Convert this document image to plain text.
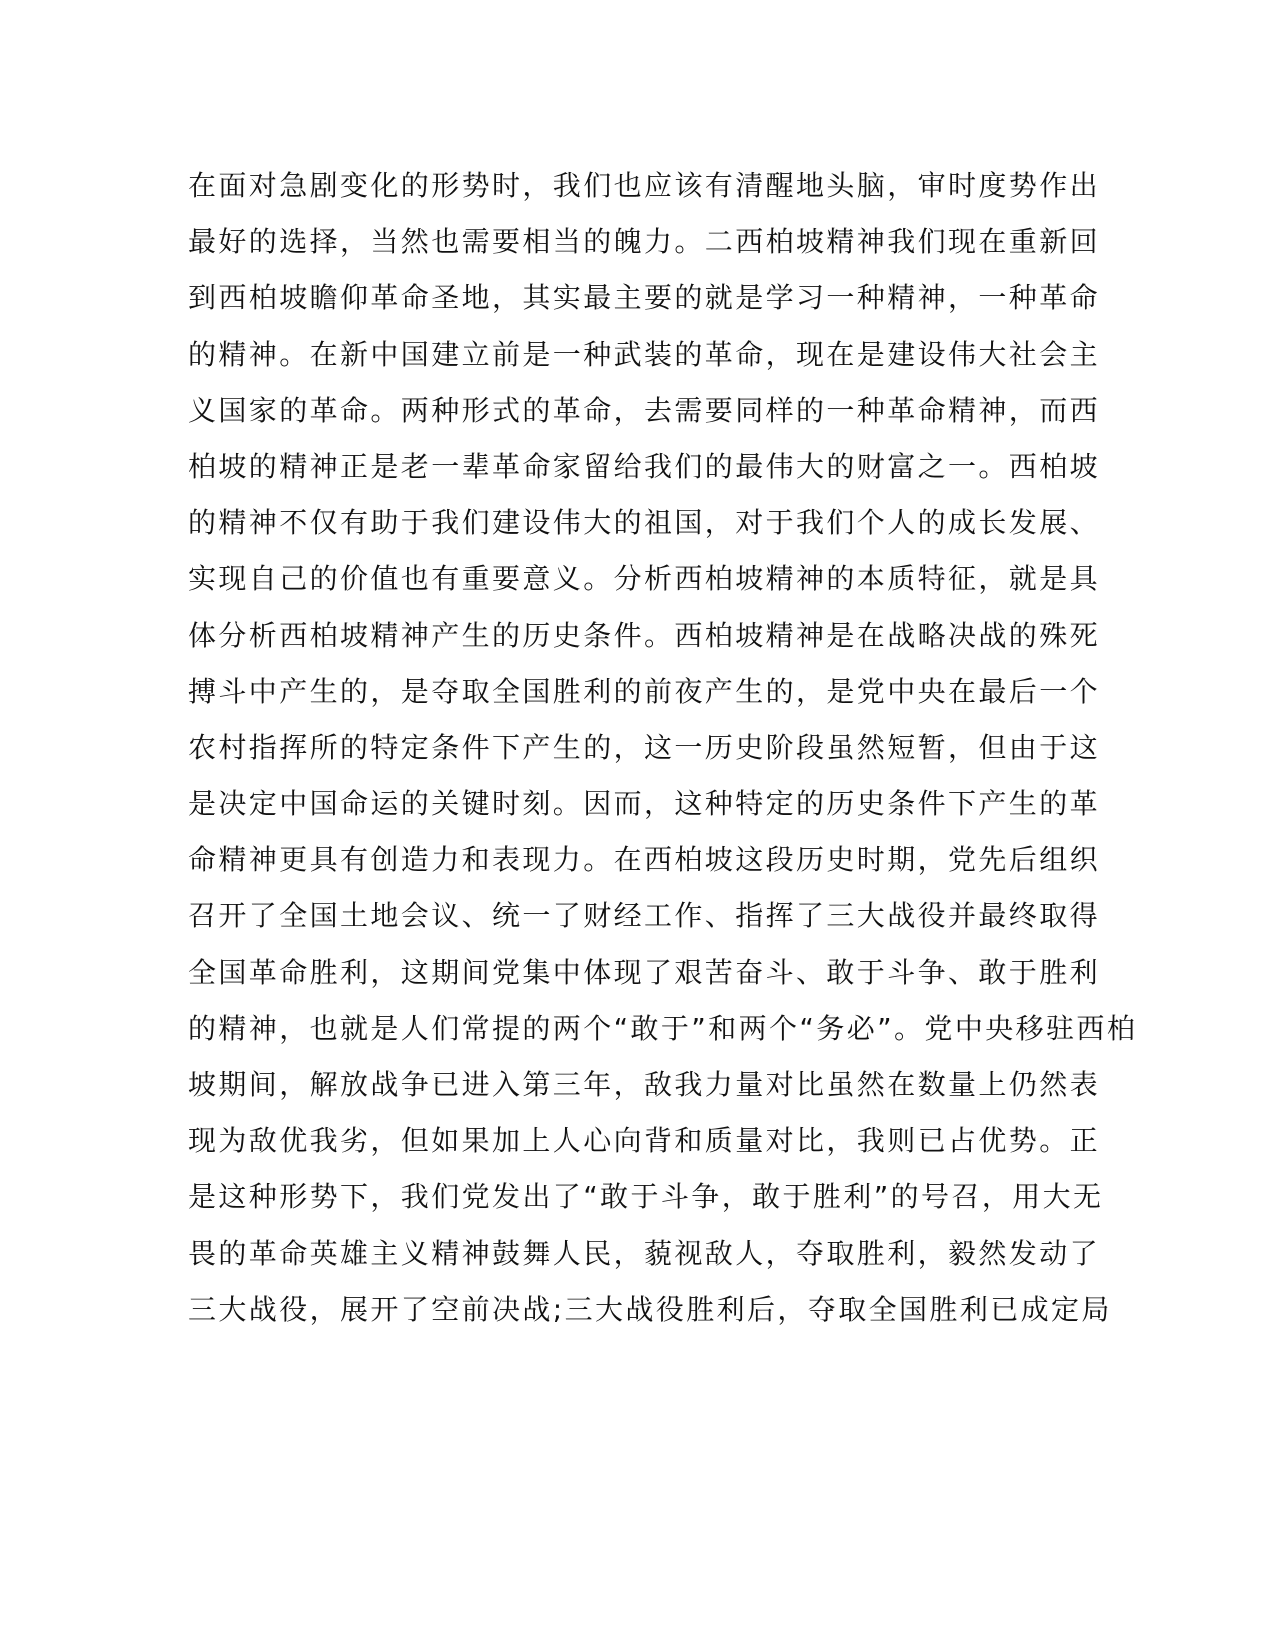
在面对急剧变化的形势时，我们也应该有清醒地头脑，审时度势作出
最好的选择，当然也需要相当的魄力。二西柏坡精神我们现在重新回
到西柏坡瞻仰革命圣地，其实最主要的就是学习一种精神，一种革命
的精神。在新中国建立前是一种武装的革命，现在是建设伟大社会主
义国家的革命。两种形式的革命，去需要同样的一种革命精神，而西
柏坡的精神正是老一辈革命家留给我们的最伟大的财富之一。西柏坡
的精神不仅有助于我们建设伟大的祖国，对于我们个人的成长发展、
实现自己的价值也有重要意义。分析西柏坡精神的本质特征，就是具
体分析西柏坡精神产生的历史条件。西柏坡精神是在战略决战的殊死
搏斗中产生的，是夺取全国胜利的前夜产生的，是党中央在最后一个
农村指挥所的特定条件下产生的，这一历史阶段虽然短暂，但由于这
是决定中国命运的关键时刻。因而，这种特定的历史条件下产生的革
命精神更具有创造力和表现力。在西柏坡这段历史时期，党先后组织
召开了全国土地会议、统一了财经工作、指挥了三大战役并最终取得
全国革命胜利，这期间党集中体现了艰苦奋斗、敢于斗争、敢于胜利
的精神，也就是人们常提的两个“敢于”和两个“务必”。党中央移驻西柏
坡期间，解放战争已进入第三年，敌我力量对比虽然在数量上仍然表
现为敌优我劣，但如果加上人心向背和质量对比，我则已占优势。正
是这种形势下，我们党发出了“敢于斗争，敢于胜利”的号召，用大无
畏的革命英雄主义精神鼓舞人民，藐视敌人，夺取胜利，毅然发动了
三大战役，展开了空前决战;三大战役胜利后，夺取全国胜利已成定局
